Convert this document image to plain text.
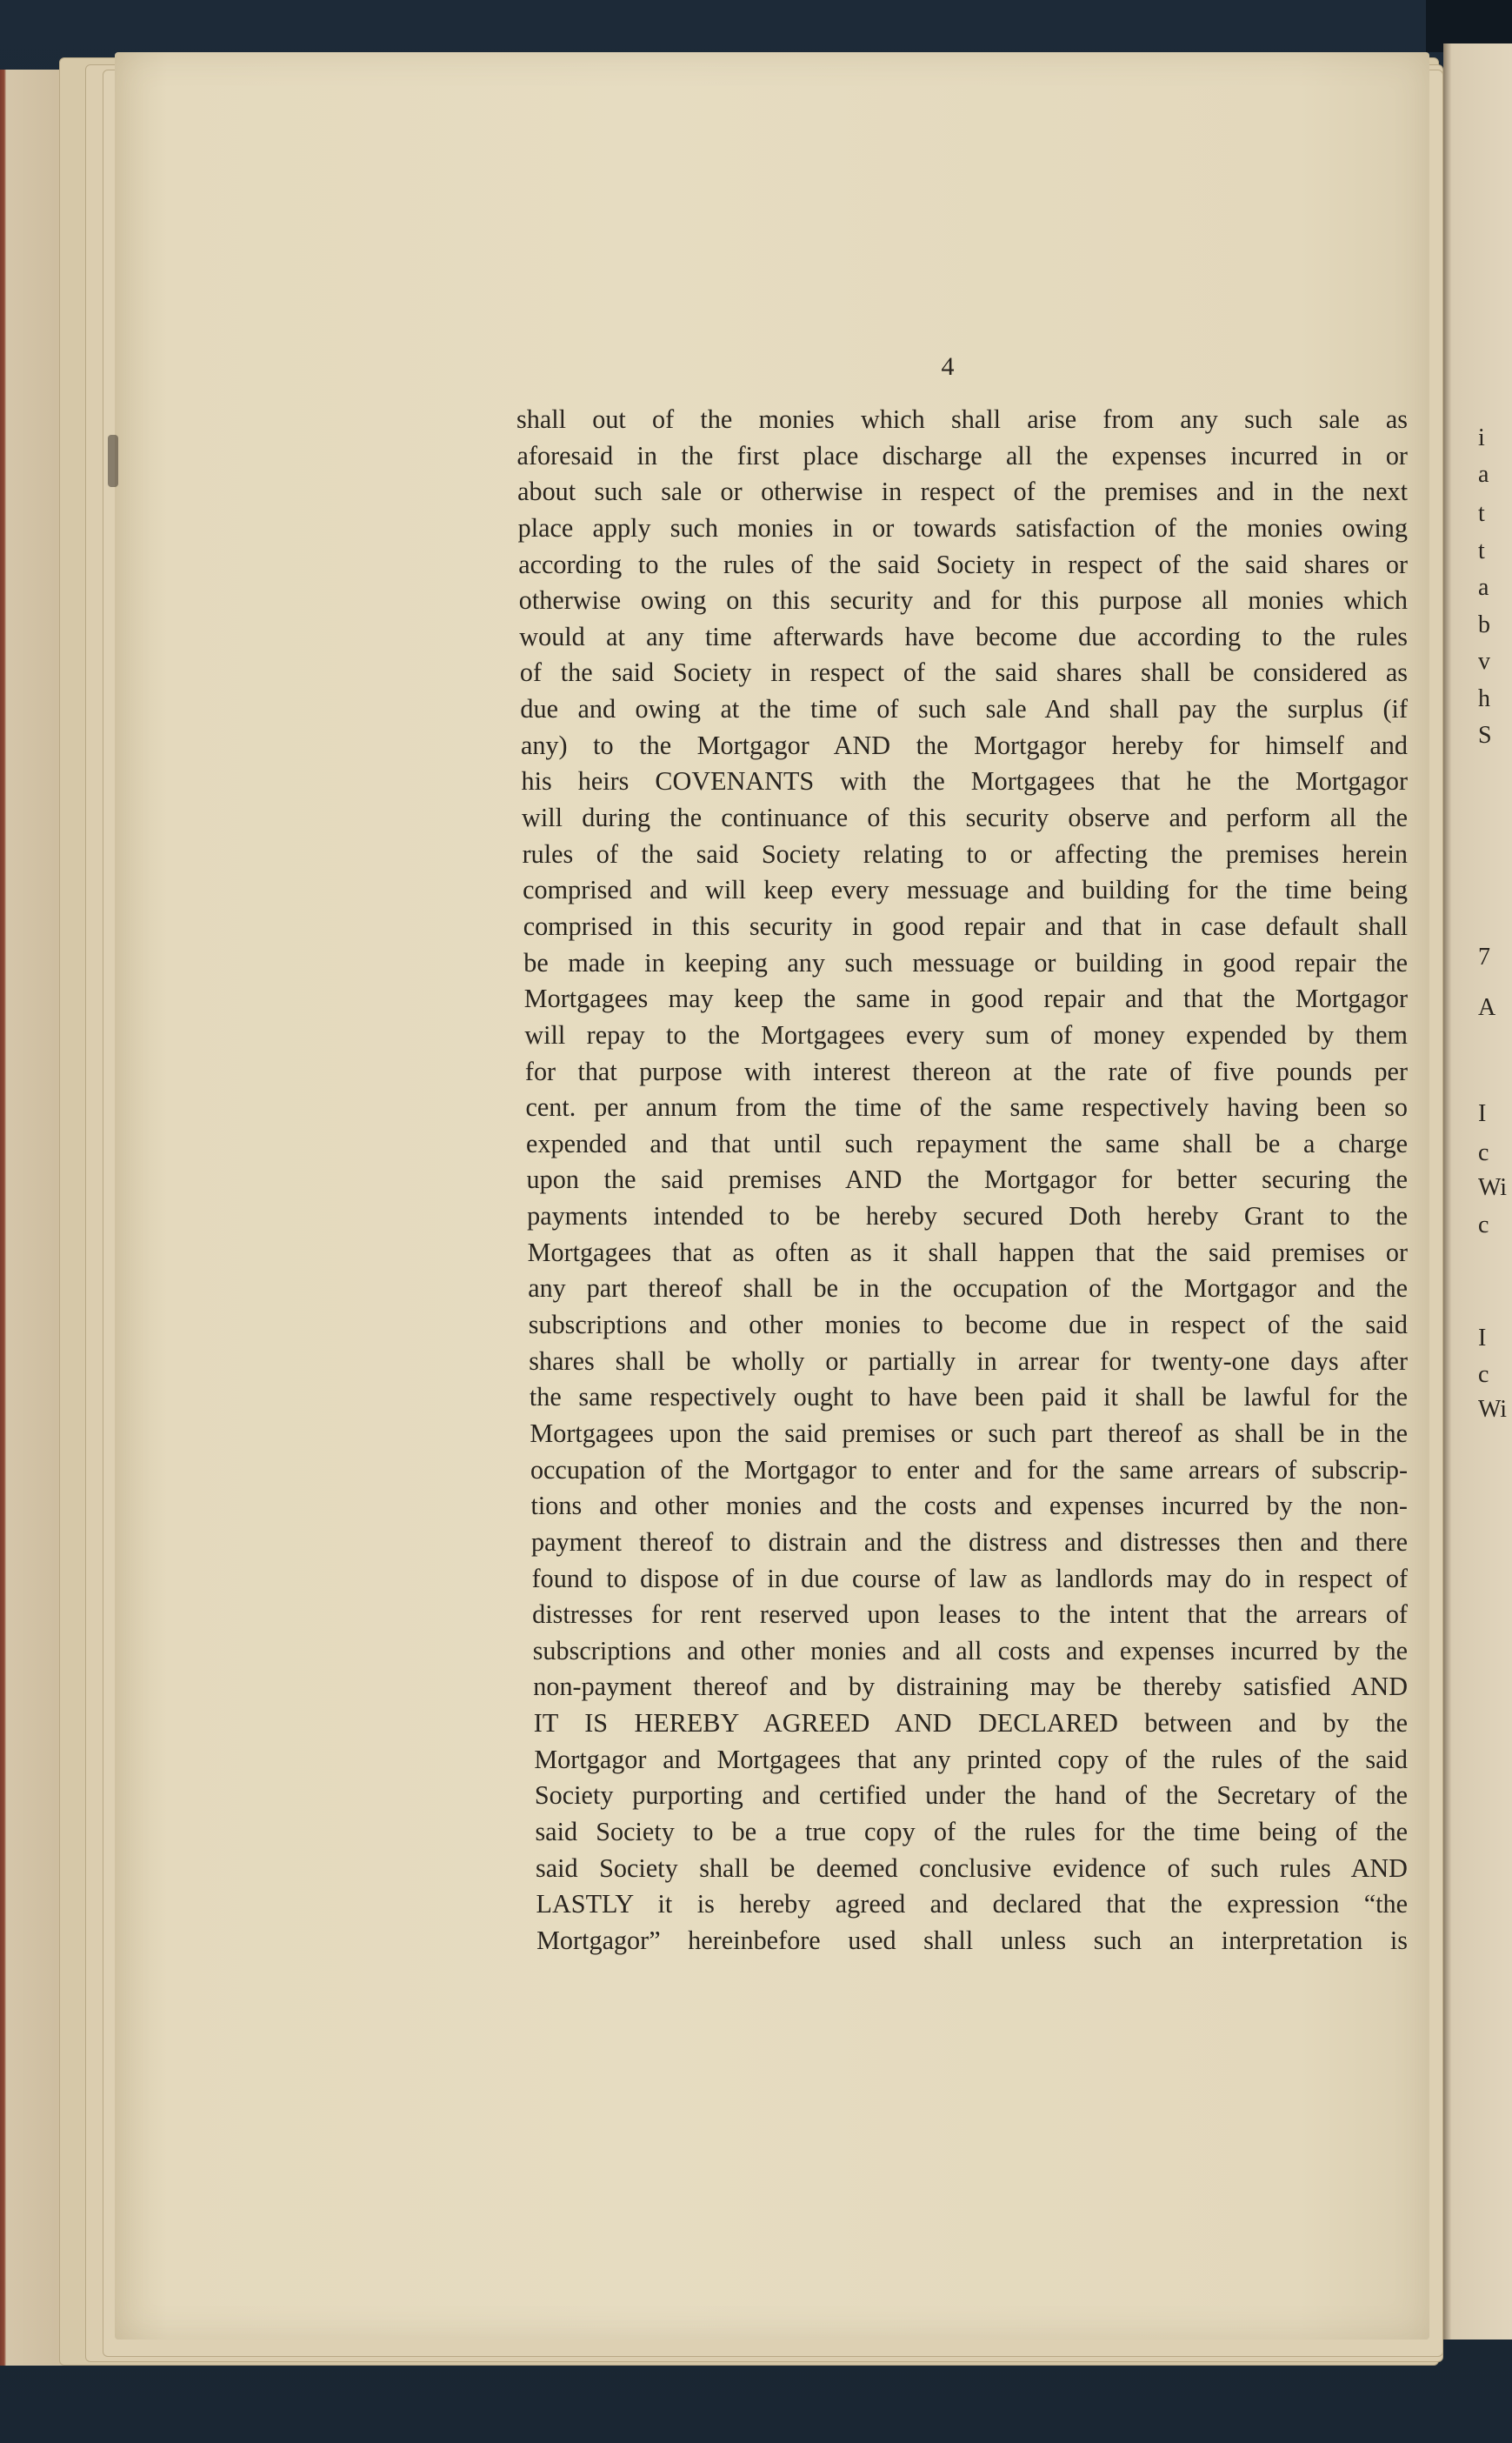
4
shall out of the monies which shall arise from any such sale as
aforesaid in the first place discharge all the expenses incurred in or
about such sale or otherwise in respect of the premises and in the next
place apply such monies in or towards satisfaction of the monies owing
according to the rules of the said Society in respect of the said shares or
otherwise owing on this security and for this purpose all monies which
would at any time afterwards have become due according to the rules
of the said Society in respect of the said shares shall be considered as
due and owing at the time of such sale And shall pay the surplus (if
any) to the Mortgagor AND the Mortgagor hereby for himself and
his heirs COVENANTS with the Mortgagees that he the Mortgagor
will during the continuance of this security observe and perform all the
rules of the said Society relating to or affecting the premises herein
comprised and will keep every messuage and building for the time being
comprised in this security in good repair and that in case default shall
be made in keeping any such messuage or building in good repair the
Mortgagees may keep the same in good repair and that the Mortgagor
will repay to the Mortgagees every sum of money expended by them
for that purpose with interest thereon at the rate of five pounds per
cent. per annum from the time of the same respectively having been so
expended and that until such repayment the same shall be a charge
upon the said premises AND the Mortgagor for better securing the
payments intended to be hereby secured Doth hereby Grant to the
Mortgagees that as often as it shall happen that the said premises or
any part thereof shall be in the occupation of the Mortgagor and the
subscriptions and other monies to become due in respect of the said
shares shall be wholly or partially in arrear for twenty-one days after
the same respectively ought to have been paid it shall be lawful for the
Mortgagees upon the said premises or such part thereof as shall be in the
occupation of the Mortgagor to enter and for the same arrears of subscrip-
tions and other monies and the costs and expenses incurred by the non-
payment thereof to distrain and the distress and distresses then and there
found to dispose of in due course of law as landlords may do in respect of
distresses for rent reserved upon leases to the intent that the arrears of
subscriptions and other monies and all costs and expenses incurred by the
non-payment thereof and by distraining may be thereby satisfied AND
IT IS HEREBY AGREED AND DECLARED between and by the
Mortgagor and Mortgagees that any printed copy of the rules of the said
Society purporting and certified under the hand of the Secretary of the
said Society to be a true copy of the rules for the time being of the
said Society shall be deemed conclusive evidence of such rules AND
LASTLY it is hereby agreed and declared that the expression “the
Mortgagor” hereinbefore used shall unless such an interpretation is
i
a
t
t
a
b
v
h
S
7
A
I
c
Wi
c
I
c
Wi
